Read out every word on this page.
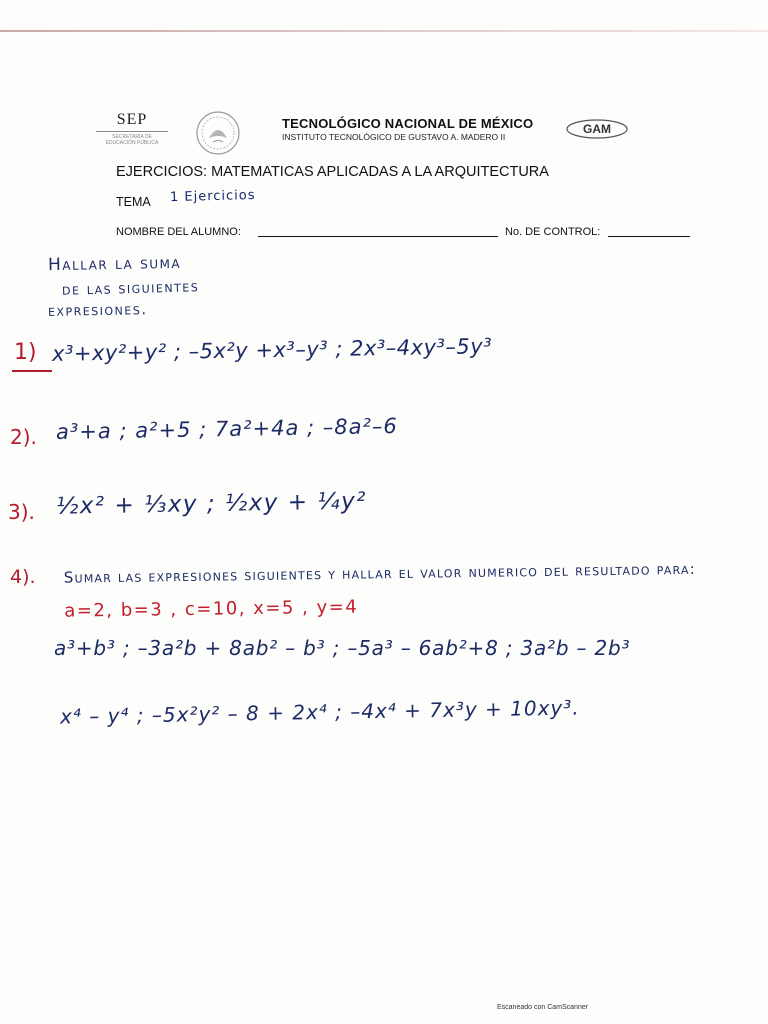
SEP
SECRETARÍA DE
EDUCACIÓN PÚBLICA
TECNOLÓGICO NACIONAL DE MÉXICO
INSTITUTO TECNOLÓGICO DE GUSTAVO A. MADERO II
GAM
EJERCICIOS: MATEMATICAS APLICADAS A LA ARQUITECTURA
TEMA 1 Ejercicios
NOMBRE DEL ALUMNO:	No. DE CONTROL:
Hallar la suma
de las siguientes
expresiones.
1) x³+xy²+y² ; –5x²y +x³–y³ ; 2x³–4xy³–5y³
2). a³+a ; a²+5 ; 7a²+4a ; –8a²–6
3). ½x² + ⅓xy ; ½xy + ¼y²
4). Sumar las expresiones siguientes y hallar el valor numerico del resultado para: a=2, b=3 , c=10, x=5 , y=4
a³+b³ ; –3a²b + 8ab² – b³ ; –5a³ – 6ab²+8 ; 3a²b – 2b³
x⁴ – y⁴ ; –5x²y² – 8 + 2x⁴ ; –4x⁴ + 7x³y + 10xy³.
Escaneado con CamScanner
